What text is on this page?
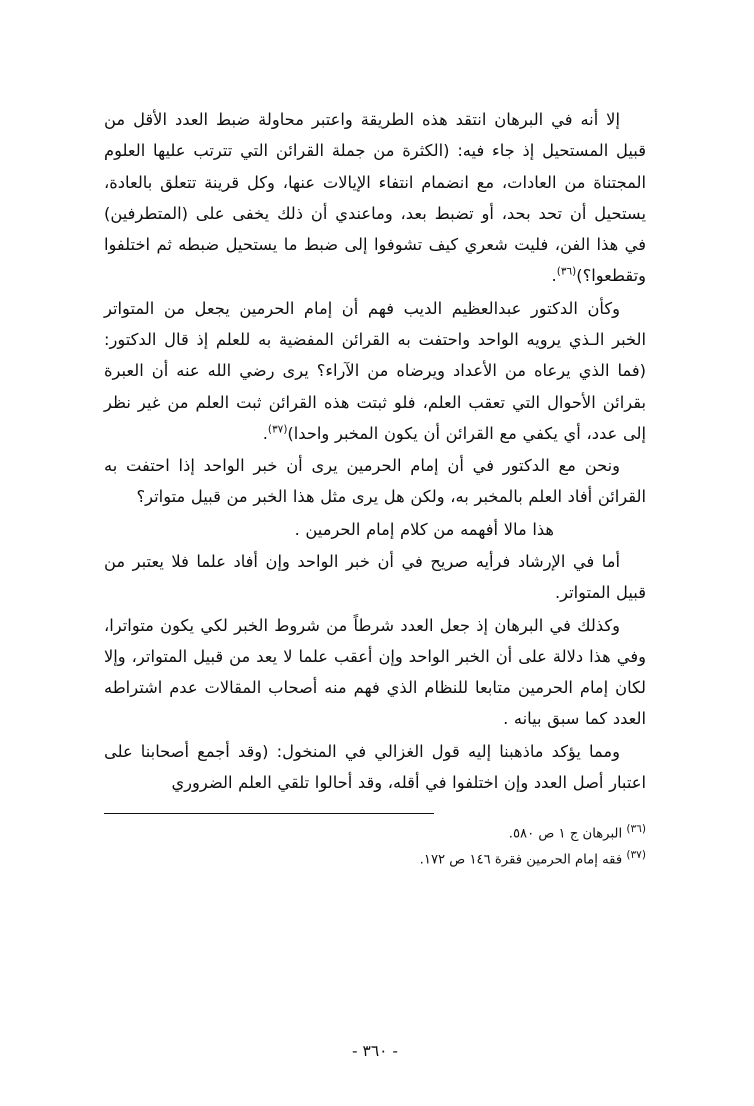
إلا أنه في البرهان انتقد هذه الطريقة واعتبر محاولة ضبط العدد الأقل من قبيل المستحيل إذ جاء فيه: (الكثرة من جملة القرائن التي تترتب عليها العلوم المجتناة من العادات، مع انضمام انتفاء الإيالات عنها، وكل قرينة تتعلق بالعادة، يستحيل أن تحد بحد، أو تضبط بعد، وماعندي أن ذلك يخفى على (المتطرفين) في هذا الفن، فليت شعري كيف تشوفوا إلى ضبط ما يستحيل ضبطه ثم اختلفوا وتقطعوا؟)$^{(٣٦)}$.

وكأن الدكتور عبدالعظيم الديب فهم أن إمام الحرمين يجعل من المتواتر الخبر الـذي يرويه الواحد واحتفت به القرائن المفضية به للعلم إذ قال الدكتور: (فما الذي يرعاه من الأعداد ويرضاه من الآراء؟ يرى رضي الله عنه أن العبرة بقرائن الأحوال التي تعقب العلم، فلو ثبتت هذه القرائن ثبت العلم من غير نظر إلى عدد، أي يكفي مع القرائن أن يكون المخبر واحدا)$^{(٣٧)}$.

ونحن مع الدكتور في أن إمام الحرمين يرى أن خبر الواحد إذا احتفت به القرائن أفاد العلم بالمخبر به، ولكن هل يرى مثل هذا الخبر من قبيل متواتر؟

هذا مالا أفهمه من كلام إمام الحرمين .

أما في الإرشاد فرأيه صريح في أن خبر الواحد وإن أفاد علما فلا يعتبر من قبيل المتواتر.

وكذلك في البرهان إذ جعل العدد شرطاً من شروط الخبر لكي يكون متواترا، وفي هذا دلالة على أن الخبر الواحد وإن أعقب علما لا يعد من قبيل المتواتر، وإلا لكان إمام الحرمين متابعا للنظام الذي فهم منه أصحاب المقالات عدم اشتراطه العدد كما سبق بيانه .

ومما يؤكد ماذهبنا إليه قول الغزالي في المنخول: (وقد أجمع أصحابنا على اعتبار أصل العدد وإن اختلفوا في أقله، وقد أحالوا تلقي العلم الضروري

$^{(٣٦)}$ البرهان ج ١ ص ٥٨٠.

$^{(٣٧)}$ فقه إمام الحرمين فقرة ١٤٦ ص ١٧٢.

- ٣٦٠ -
